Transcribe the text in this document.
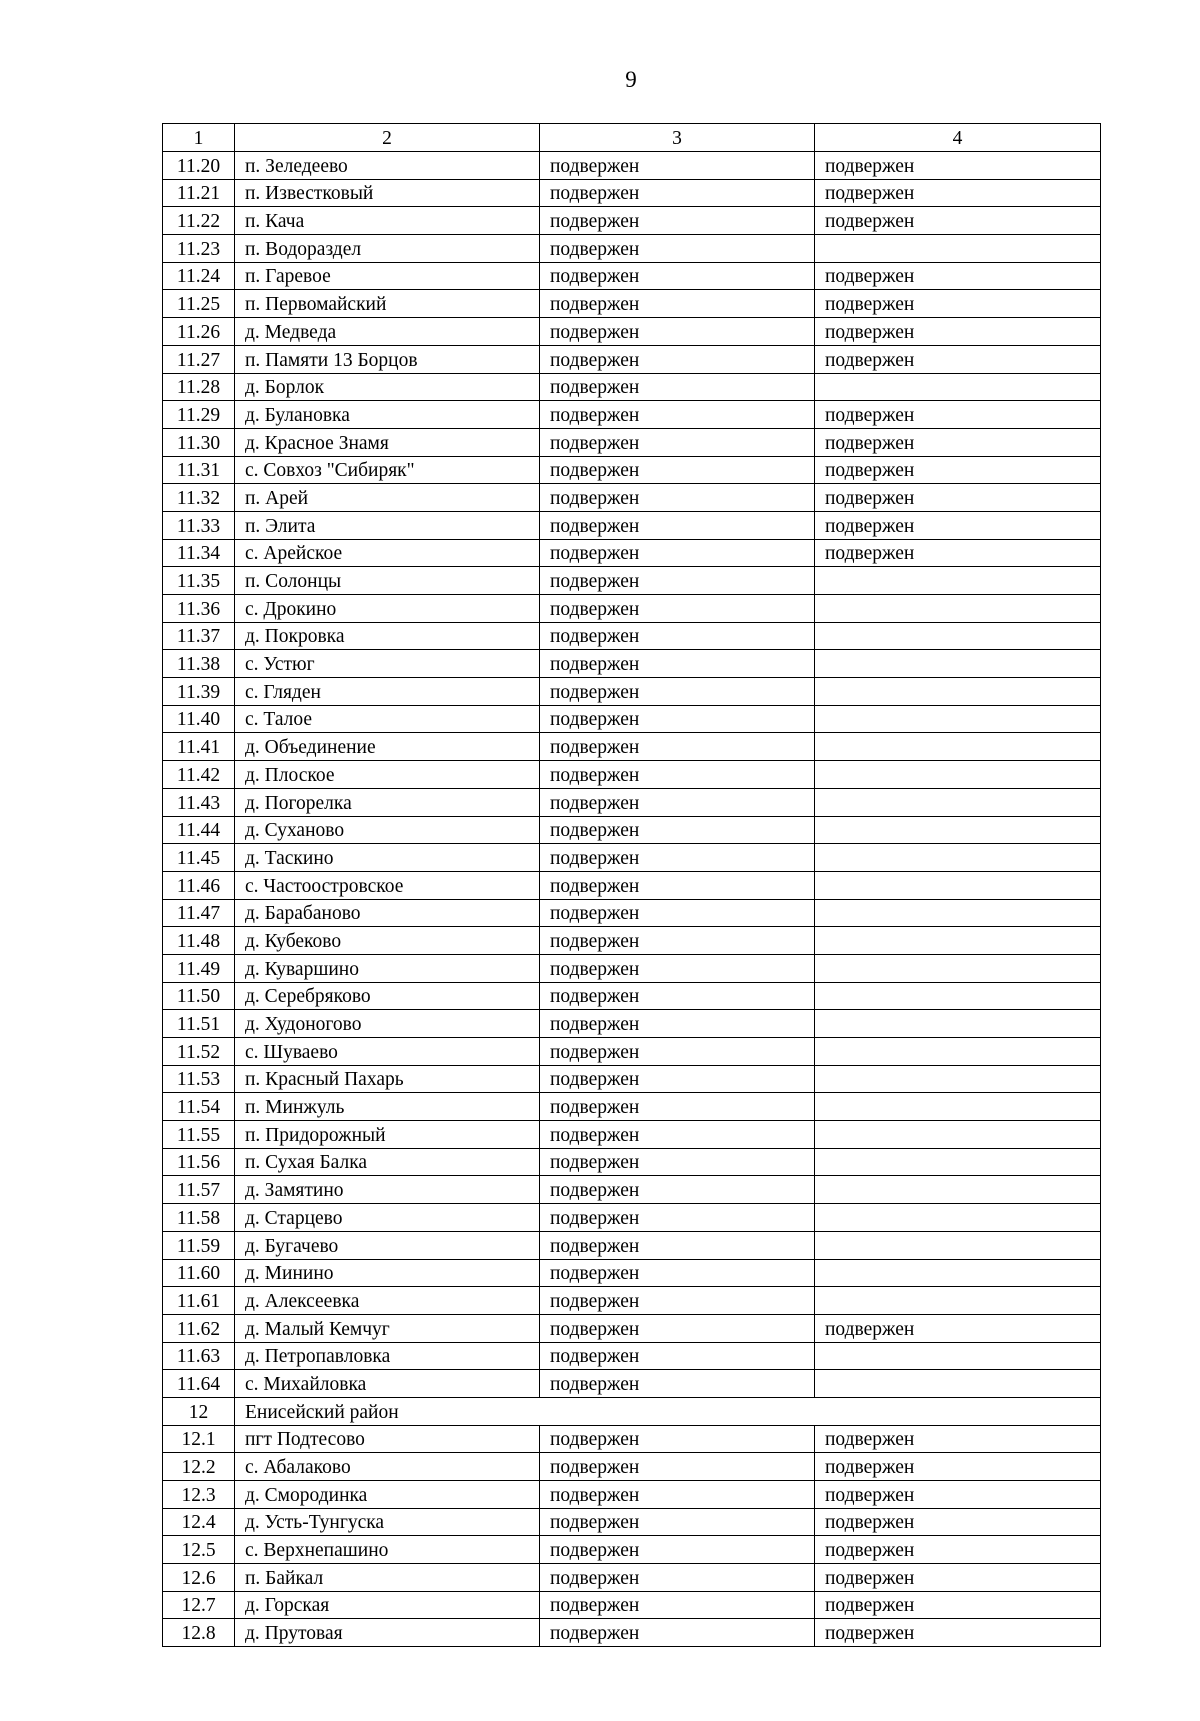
9
1	2	3	4
11.20	п. Зеледеево	подвержен	подвержен
11.21	п. Известковый	подвержен	подвержен
11.22	п. Кача	подвержен	подвержен
11.23	п. Водораздел	подвержен	
11.24	п. Гаревое	подвержен	подвержен
11.25	п. Первомайский	подвержен	подвержен
11.26	д. Медведа	подвержен	подвержен
11.27	п. Памяти 13 Борцов	подвержен	подвержен
11.28	д. Борлок	подвержен	
11.29	д. Булановка	подвержен	подвержен
11.30	д. Красное Знамя	подвержен	подвержен
11.31	с. Совхоз "Сибиряк"	подвержен	подвержен
11.32	п. Арей	подвержен	подвержен
11.33	п. Элита	подвержен	подвержен
11.34	с. Арейское	подвержен	подвержен
11.35	п. Солонцы	подвержен	
11.36	с. Дрокино	подвержен	
11.37	д. Покровка	подвержен	
11.38	с. Устюг	подвержен	
11.39	с. Гляден	подвержен	
11.40	с. Талое	подвержен	
11.41	д. Объединение	подвержен	
11.42	д. Плоское	подвержен	
11.43	д. Погорелка	подвержен	
11.44	д. Суханово	подвержен	
11.45	д. Таскино	подвержен	
11.46	с. Частоостровское	подвержен	
11.47	д. Барабаново	подвержен	
11.48	д. Кубеково	подвержен	
11.49	д. Куваршино	подвержен	
11.50	д. Серебряково	подвержен	
11.51	д. Худоногово	подвержен	
11.52	с. Шуваево	подвержен	
11.53	п. Красный Пахарь	подвержен	
11.54	п. Минжуль	подвержен	
11.55	п. Придорожный	подвержен	
11.56	п. Сухая Балка	подвержен	
11.57	д. Замятино	подвержен	
11.58	д. Старцево	подвержен	
11.59	д. Бугачево	подвержен	
11.60	д. Минино	подвержен	
11.61	д. Алексеевка	подвержен	
11.62	д. Малый Кемчуг	подвержен	подвержен
11.63	д. Петропавловка	подвержен	
11.64	с. Михайловка	подвержен	
12	Енисейский район		
12.1	пгт Подтесово	подвержен	подвержен
12.2	с. Абалаково	подвержен	подвержен
12.3	д. Смородинка	подвержен	подвержен
12.4	д. Усть-Тунгуска	подвержен	подвержен
12.5	с. Верхнепашино	подвержен	подвержен
12.6	п. Байкал	подвержен	подвержен
12.7	д. Горская	подвержен	подвержен
12.8	д. Прутовая	подвержен	подвержен
